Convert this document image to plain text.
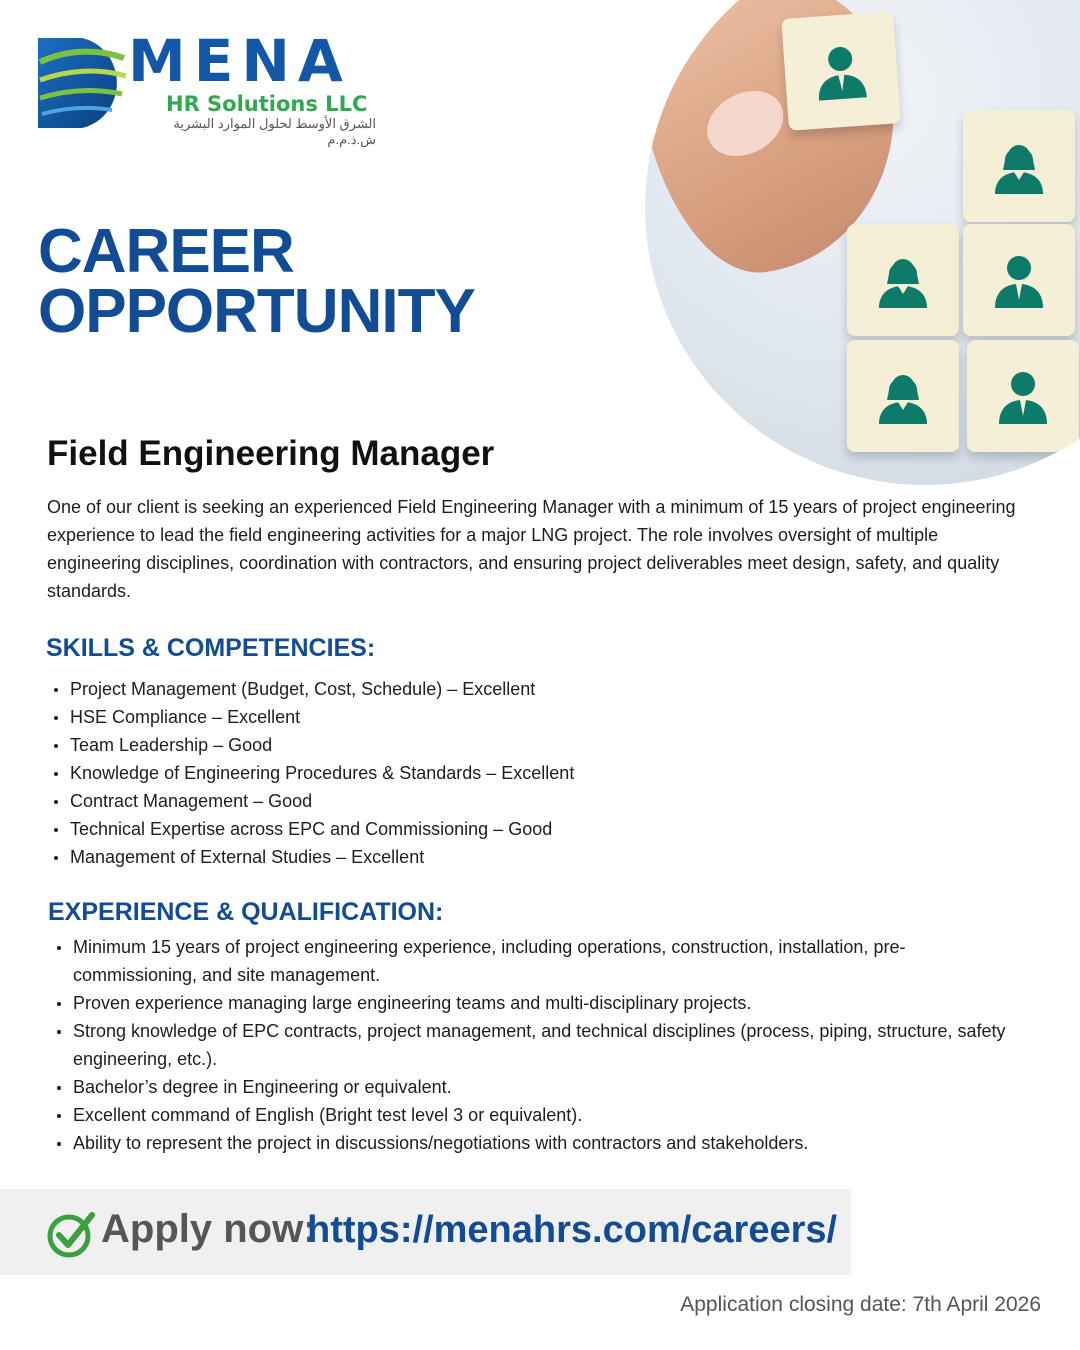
MENA
HR Solutions LLC
الشرق الأوسط لحلول الموارد البشرية ش.ذ.م.م
CAREER
OPPORTUNITY
Field Engineering Manager

One of our client is seeking an experienced Field Engineering Manager with a minimum of 15 years of project engineering experience to lead the field engineering activities for a major LNG project. The role involves oversight of multiple engineering disciplines, coordination with contractors, and ensuring project deliverables meet design, safety, and quality standards.

SKILLS & COMPETENCIES:
Project Management (Budget, Cost, Schedule) – Excellent
HSE Compliance – Excellent
Team Leadership – Good
Knowledge of Engineering Procedures & Standards – Excellent
Contract Management – Good
Technical Expertise across EPC and Commissioning – Good
Management of External Studies – Excellent
EXPERIENCE & QUALIFICATION:
Minimum 15 years of project engineering experience, including operations, construction, installation, pre-commissioning, and site management.
Proven experience managing large engineering teams and multi-disciplinary projects.
Strong knowledge of EPC contracts, project management, and technical disciplines (process, piping, structure, safety engineering, etc.).
Bachelor’s degree in Engineering or equivalent.
Excellent command of English (Bright test level 3 or equivalent).
Ability to represent the project in discussions/negotiations with contractors and stakeholders.
Apply now:
https://menahrs.com/careers/
Application closing date: 7th April 2026
